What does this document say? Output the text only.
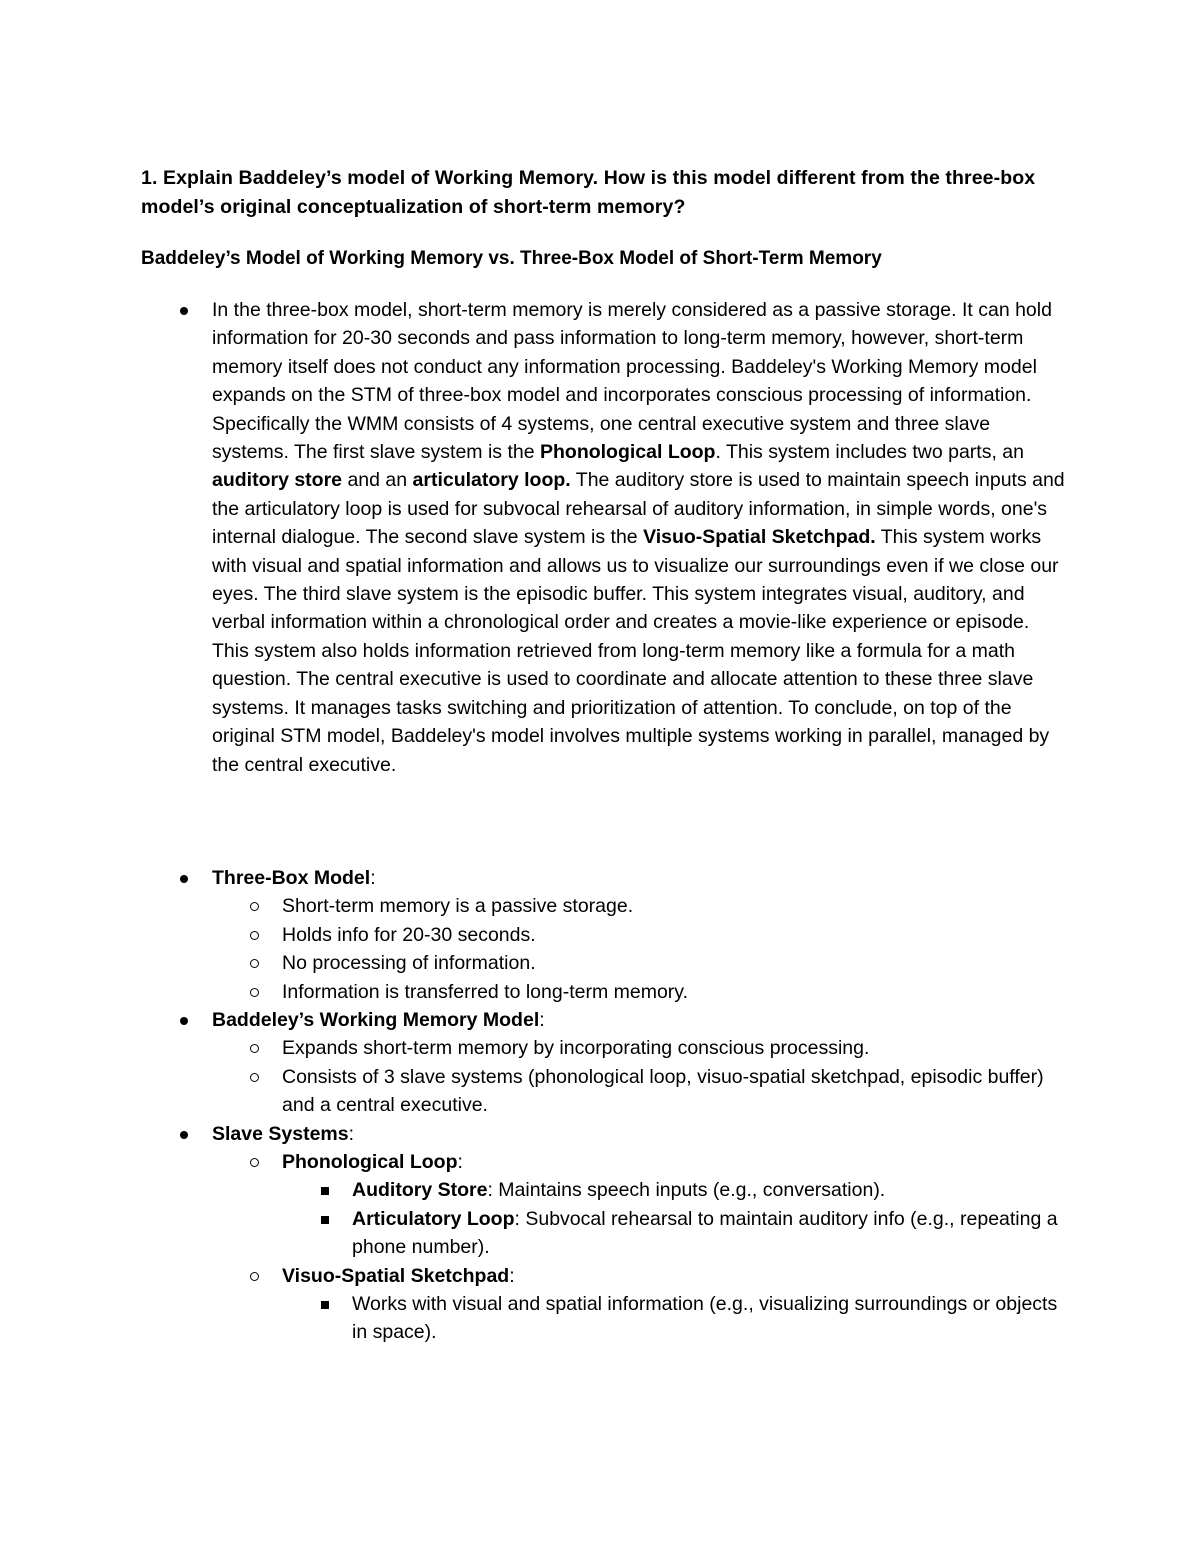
1. Explain Baddeley’s model of Working Memory. How is this model different from the three-box model’s original conceptualization of short-term memory?
Baddeley’s Model of Working Memory vs. Three-Box Model of Short-Term Memory
In the three-box model, short-term memory is merely considered as a passive storage. It can hold information for 20-30 seconds and pass information to long-term memory, however, short-term memory itself does not conduct any information processing. Baddeley's Working Memory model expands on the STM of three-box model and incorporates conscious processing of information. Specifically the WMM consists of 4 systems, one central executive system and three slave systems. The first slave system is the Phonological Loop. This system includes two parts, an auditory store and an articulatory loop. The auditory store is used to maintain speech inputs and the articulatory loop is used for subvocal rehearsal of auditory information, in simple words, one's internal dialogue. The second slave system is the Visuo-Spatial Sketchpad. This system works with visual and spatial information and allows us to visualize our surroundings even if we close our eyes. The third slave system is the episodic buffer. This system integrates visual, auditory, and verbal information within a chronological order and creates a movie-like experience or episode. This system also holds information retrieved from long-term memory like a formula for a math question. The central executive is used to coordinate and allocate attention to these three slave systems. It manages tasks switching and prioritization of attention. To conclude, on top of the original STM model, Baddeley's model involves multiple systems working in parallel, managed by the central executive.
Three-Box Model:
Short-term memory is a passive storage.
Holds info for 20-30 seconds.
No processing of information.
Information is transferred to long-term memory.
Baddeley’s Working Memory Model:
Expands short-term memory by incorporating conscious processing.
Consists of 3 slave systems (phonological loop, visuo-spatial sketchpad, episodic buffer) and a central executive.
Slave Systems:
Phonological Loop:
Auditory Store: Maintains speech inputs (e.g., conversation).
Articulatory Loop: Subvocal rehearsal to maintain auditory info (e.g., repeating a phone number).
Visuo-Spatial Sketchpad:
Works with visual and spatial information (e.g., visualizing surroundings or objects in space).
